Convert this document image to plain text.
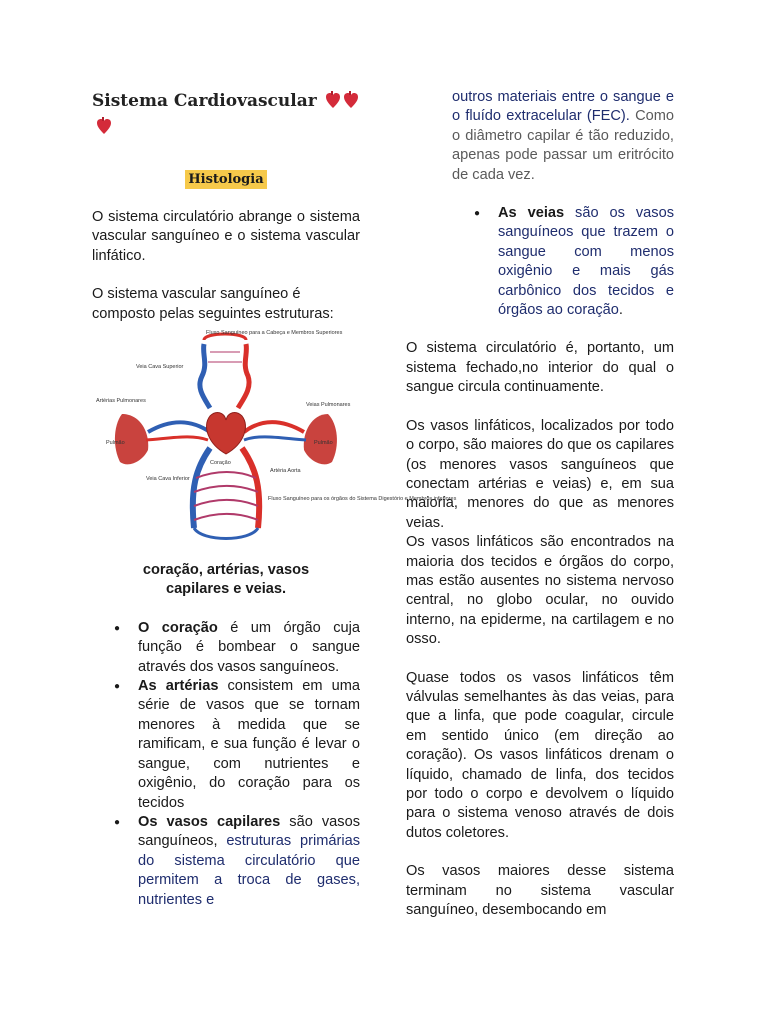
Sistema Cardiovascular

Histologia

O sistema circulatório abrange o sistema vascular sanguíneo e o sistema vascular linfático.

O sistema vascular sanguíneo é composto pelas seguintes estruturas:

Fluxo Sanguíneo para a Cabeça e Membros Superiores
Veia Cava Superior
Artérias Pulmonares
Veias Pulmonares
Pulmão	Pulmão
Coração
Artéria Aorta
Veia Cava Inferior
Fluxo Sanguíneo para os órgãos do Sistema Digestório e Membros inferiores

coração, artérias, vasos capilares e veias.

● O coração é um órgão cuja função é bombear o sangue através dos vasos sanguíneos.
● As artérias consistem em uma série de vasos que se tornam menores à medida que se ramificam, e sua função é levar o sangue, com nutrientes e oxigênio, do coração para os tecidos
● Os vasos capilares são vasos sanguíneos, estruturas primárias do sistema circulatório que permitem a troca de gases, nutrientes e

outros materiais entre o sangue e o fluído extracelular (FEC). Como o diâmetro capilar é tão reduzido, apenas pode passar um eritrócito de cada vez.

● As veias são os vasos sanguíneos que trazem o sangue com menos oxigênio e mais gás carbônico dos tecidos e órgãos ao coração.

O sistema circulatório é, portanto, um sistema fechado,no interior do qual o sangue circula continuamente.

Os vasos linfáticos, localizados por todo o corpo, são maiores do que os capilares (os menores vasos sanguíneos que conectam artérias e veias) e, em sua maioria, menores do que as menores veias.

Os vasos linfáticos são encontrados na maioria dos tecidos e órgãos do corpo, mas estão ausentes no sistema nervoso central, no globo ocular, no ouvido interno, na epiderme, na cartilagem e no osso.

Quase todos os vasos linfáticos têm válvulas semelhantes às das veias, para que a linfa, que pode coagular, circule em sentido único (em direção ao coração). Os vasos linfáticos drenam o líquido, chamado de linfa, dos tecidos por todo o corpo e devolvem o líquido para o sistema venoso através de dois dutos coletores.

Os vasos maiores desse sistema terminam no sistema vascular sanguíneo, desembocando em
